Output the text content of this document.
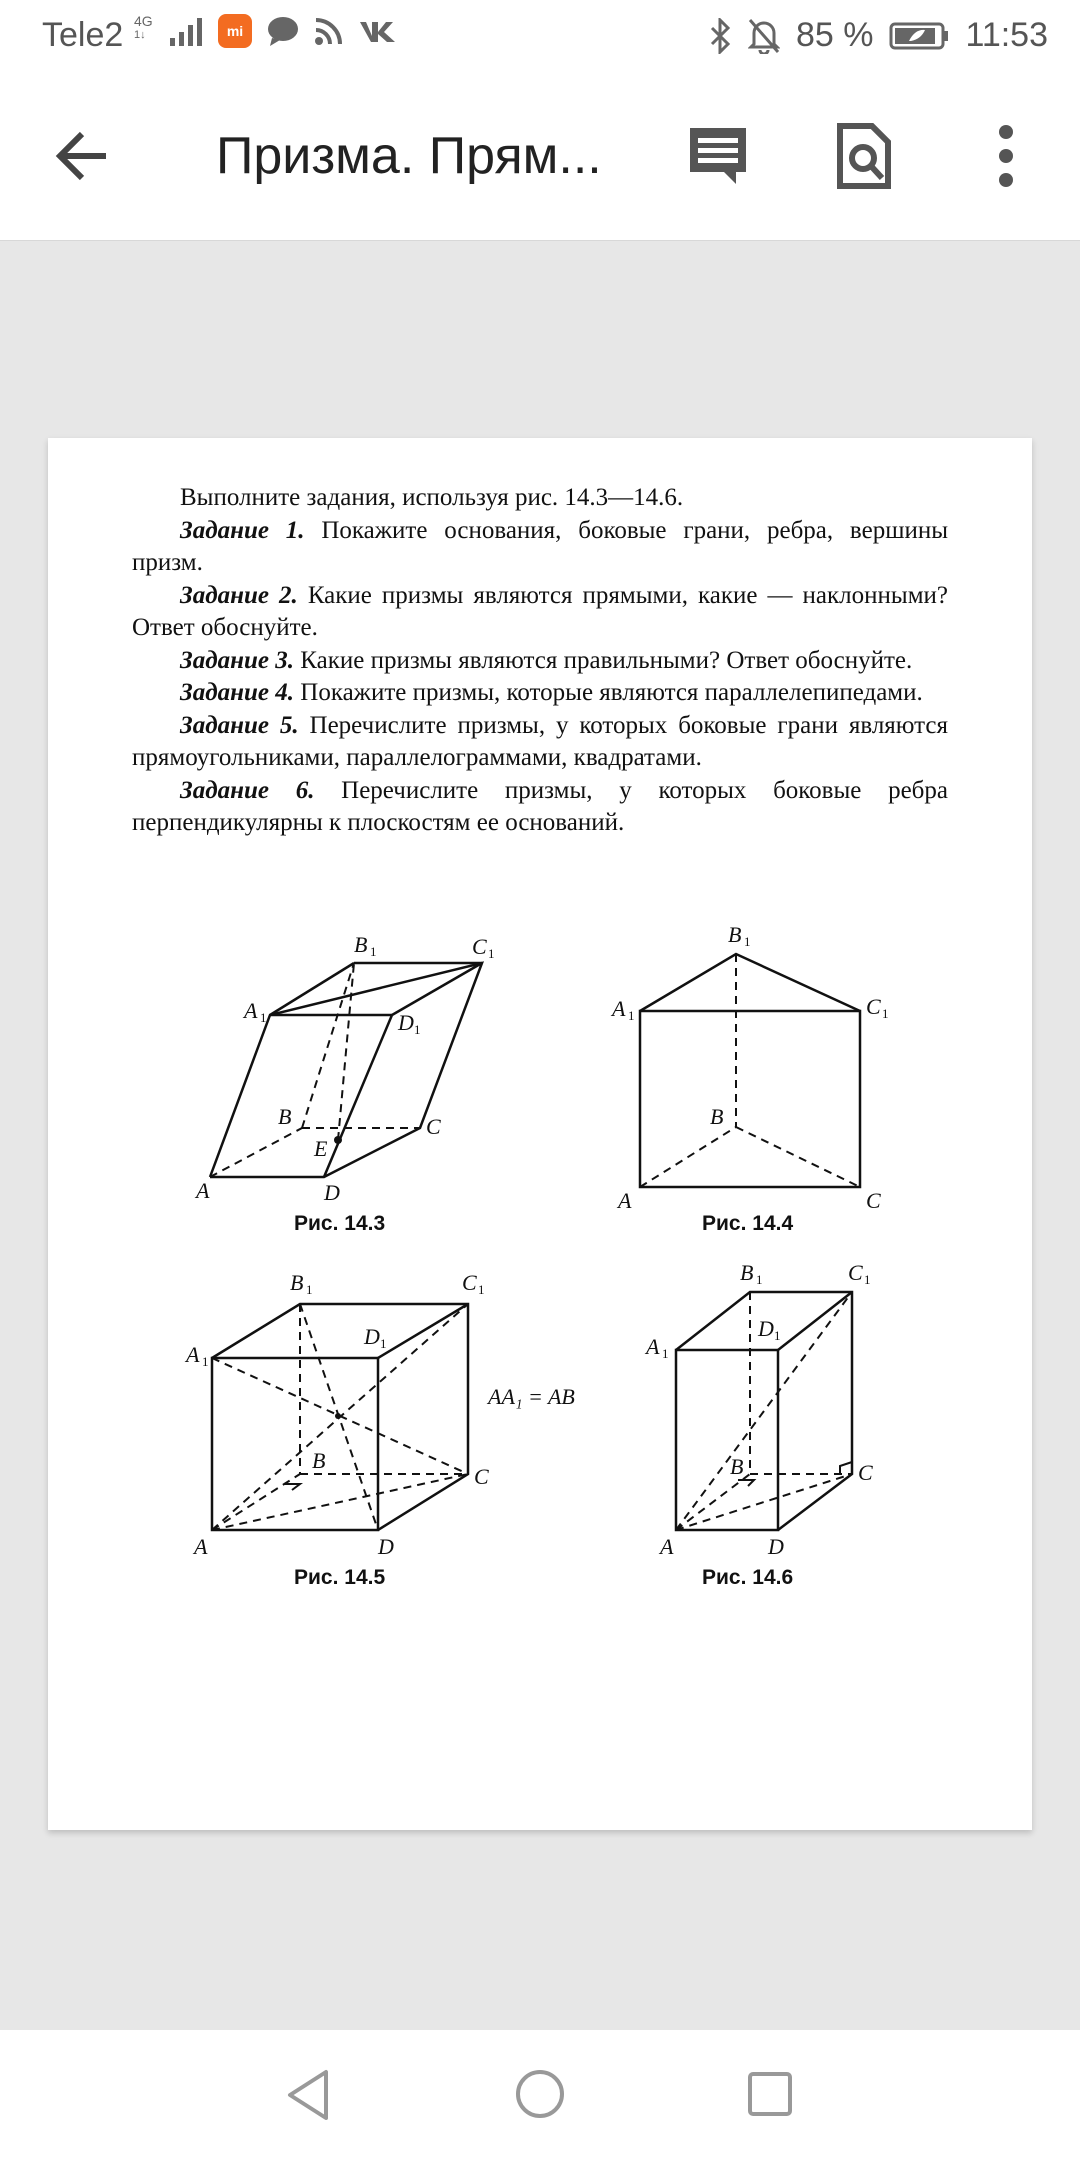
Tele2 4G
1↓	mi	85 %	11:53
Призма. Прям...

Выполните задания, используя рис. 14.3—14.6.

Задание 1. Покажите основания, боковые грани, ребра, вершины призм.

Задание 2. Какие призмы являются прямыми, какие — наклонными? Ответ обоснуйте.

Задание 3. Какие призмы являются правильными? Ответ обоснуйте.

Задание 4. Покажите призмы, которые являются параллелепипедами.

Задание 5. Перечислите призмы, у которых боковые грани являются прямоугольниками, параллелограммами, квадратами.

Задание 6. Перечислите призмы, у которых боковые ребра перпендикулярны к плоскостям ее оснований.

A
B	C
D
E
A
B	C
D
A
B
C
A
B
C
A
B
C
D
A
B	C
D
AA₁ = AB
A
B	C
D
A
B	C
D
1
1	1
1
1
1
1
1
1	1
1
1
1	1
1
Рис. 14.3	Рис. 14.4
Рис. 14.5	Рис. 14.6
